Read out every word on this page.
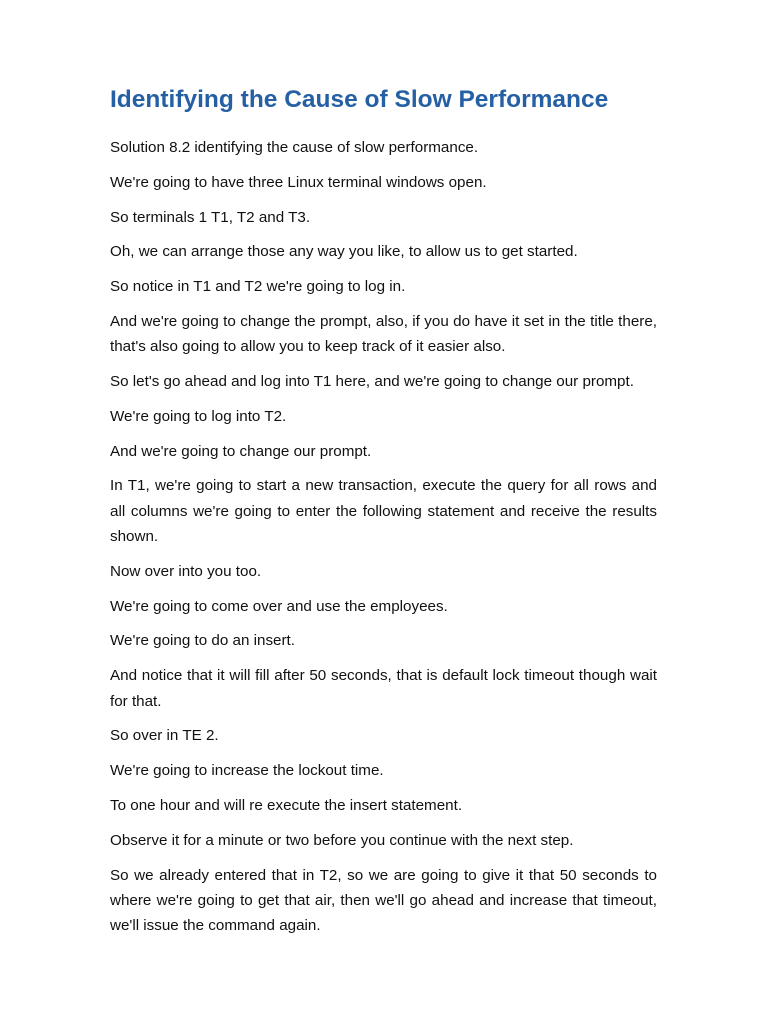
Identifying the Cause of Slow Performance

Solution 8.2 identifying the cause of slow performance.

We're going to have three Linux terminal windows open.

So terminals 1 T1, T2 and T3.

Oh, we can arrange those any way you like, to allow us to get started.

So notice in T1 and T2 we're going to log in.

And we're going to change the prompt, also, if you do have it set in the title there, that's also going to allow you to keep track of it easier also.

So let's go ahead and log into T1 here, and we're going to change our prompt.

We're going to log into T2.

And we're going to change our prompt.

In T1, we're going to start a new transaction, execute the query for all rows and all columns we're going to enter the following statement and receive the results shown.

Now over into you too.

We're going to come over and use the employees.

We're going to do an insert.

And notice that it will fill after 50 seconds, that is default lock timeout though wait for that.

So over in TE 2.

We're going to increase the lockout time.

To one hour and will re execute the insert statement.

Observe it for a minute or two before you continue with the next step.

So we already entered that in T2, so we are going to give it that 50 seconds to where we're going to get that air, then we'll go ahead and increase that timeout, we'll issue the command again.
